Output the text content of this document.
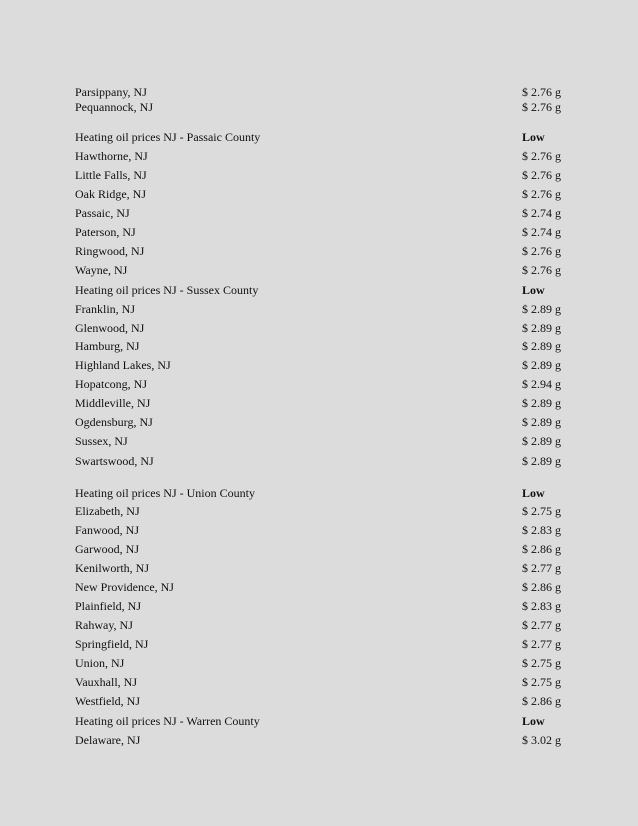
Parsippany, NJ	$ 2.76 g
Pequannock, NJ	$ 2.76 g
Heating oil prices NJ - Passaic County	Low
Hawthorne, NJ	$ 2.76 g
Little Falls, NJ	$ 2.76 g
Oak Ridge, NJ	$ 2.76 g
Passaic, NJ	$ 2.74 g
Paterson, NJ	$ 2.74 g
Ringwood, NJ	$ 2.76 g
Wayne, NJ	$ 2.76 g
Heating oil prices NJ - Sussex County	Low
Franklin, NJ	$ 2.89 g
Glenwood, NJ	$ 2.89 g
Hamburg, NJ	$ 2.89 g
Highland Lakes, NJ	$ 2.89 g
Hopatcong, NJ	$ 2.94 g
Middleville, NJ	$ 2.89 g
Ogdensburg, NJ	$ 2.89 g
Sussex, NJ	$ 2.89 g
Swartswood, NJ	$ 2.89 g
Heating oil prices NJ - Union County	Low
Elizabeth, NJ	$ 2.75 g
Fanwood, NJ	$ 2.83 g
Garwood, NJ	$ 2.86 g
Kenilworth, NJ	$ 2.77 g
New Providence, NJ	$ 2.86 g
Plainfield, NJ	$ 2.83 g
Rahway, NJ	$ 2.77 g
Springfield, NJ	$ 2.77 g
Union, NJ	$ 2.75 g
Vauxhall, NJ	$ 2.75 g
Westfield, NJ	$ 2.86 g
Heating oil prices NJ - Warren County	Low
Delaware, NJ	$ 3.02 g
